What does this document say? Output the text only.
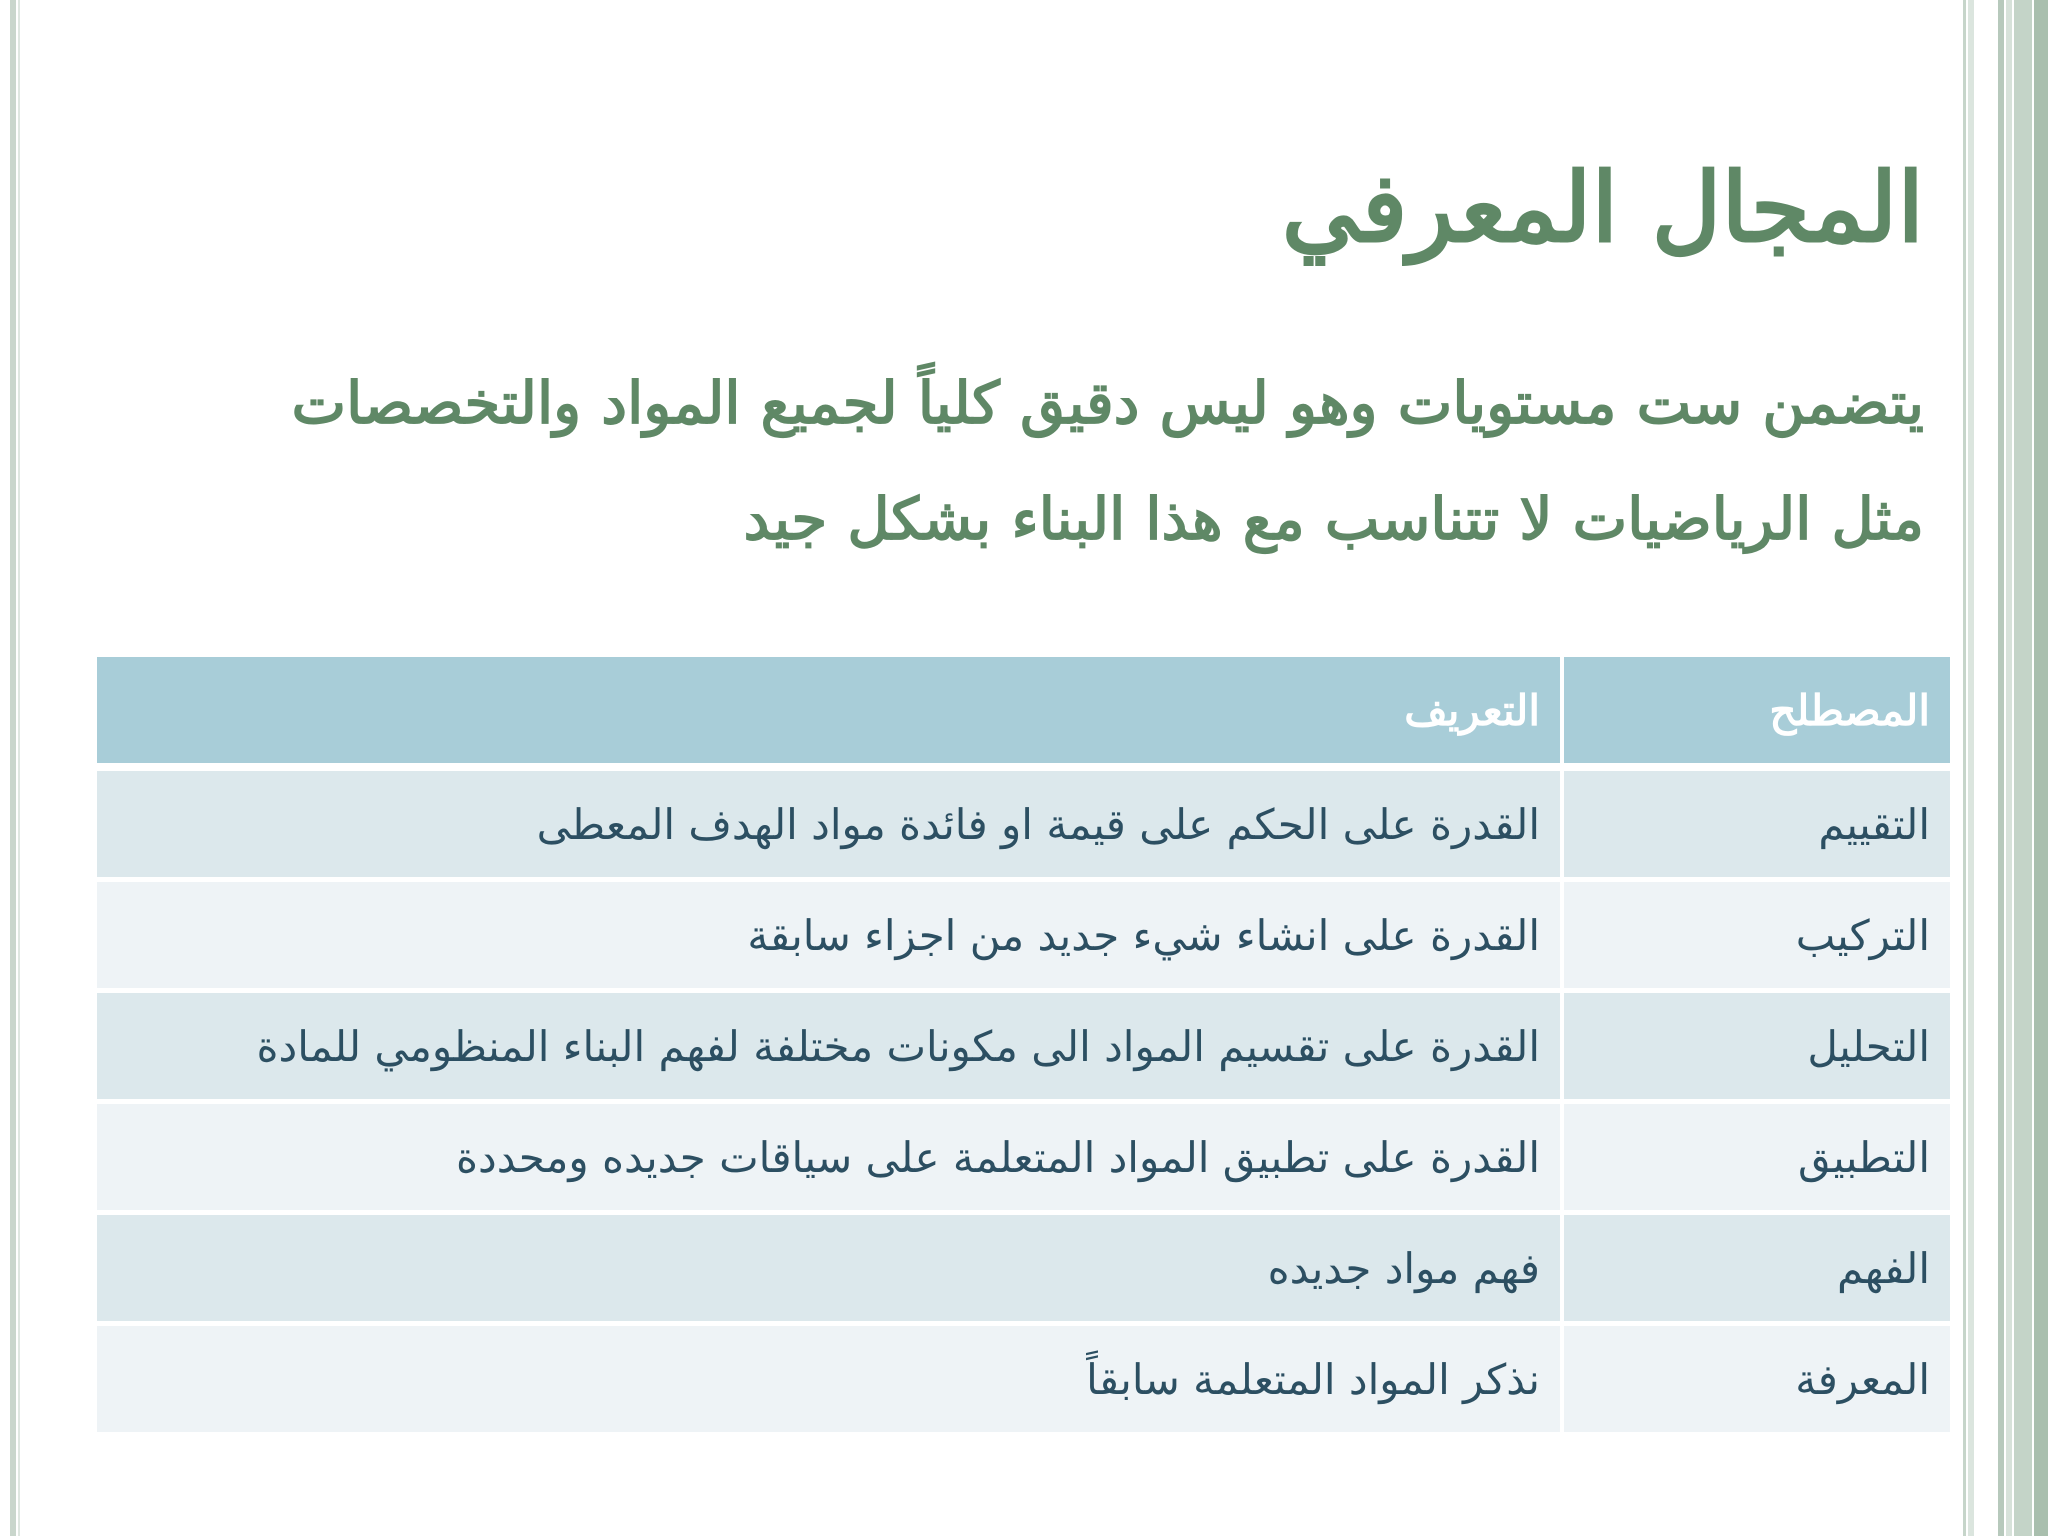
المجال المعرفي
يتضمن ست مستويات وهو ليس دقيق كلياً لجميع المواد والتخصصات
مثل الرياضيات لا تتناسب مع هذا البناء بشكل جيد
المصطلح
التعريف
التقييم
القدرة على الحكم على قيمة او فائدة مواد الهدف المعطى
التركيب
القدرة على انشاء شيء جديد من اجزاء سابقة
التحليل
القدرة على تقسيم المواد الى مكونات مختلفة لفهم البناء المنظومي للمادة
التطبيق
القدرة على تطبيق المواد المتعلمة على سياقات جديده ومحددة
الفهم
فهم مواد جديده
المعرفة
نذكر المواد المتعلمة سابقاً
